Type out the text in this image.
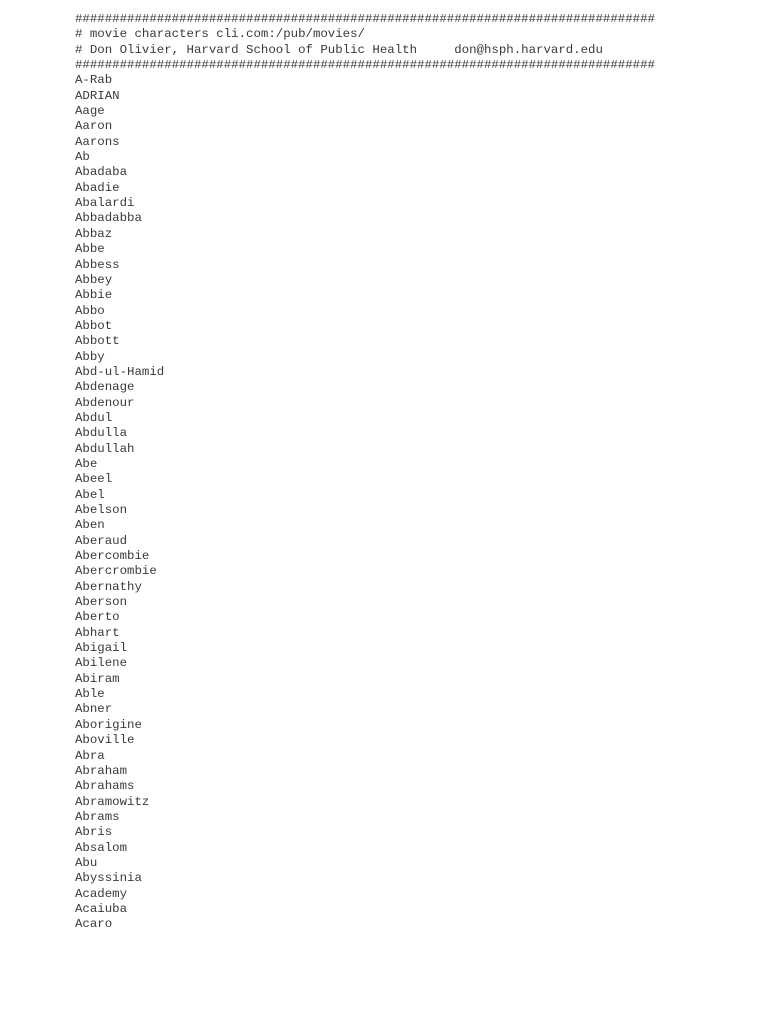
##############################################################################
# movie characters cli.com:/pub/movies/
# Don Olivier, Harvard School of Public Health     don@hsph.harvard.edu
##############################################################################
A-Rab
ADRIAN
Aage
Aaron
Aarons
Ab
Abadaba
Abadie
Abalardi
Abbadabba
Abbaz
Abbe
Abbess
Abbey
Abbie
Abbo
Abbot
Abbott
Abby
Abd-ul-Hamid
Abdenage
Abdenour
Abdul
Abdulla
Abdullah
Abe
Abeel
Abel
Abelson
Aben
Aberaud
Abercombie
Abercrombie
Abernathy
Aberson
Aberto
Abhart
Abigail
Abilene
Abiram
Able
Abner
Aborigine
Aboville
Abra
Abraham
Abrahams
Abramowitz
Abrams
Abris
Absalom
Abu
Abyssinia
Academy
Acaiuba
Acaro
